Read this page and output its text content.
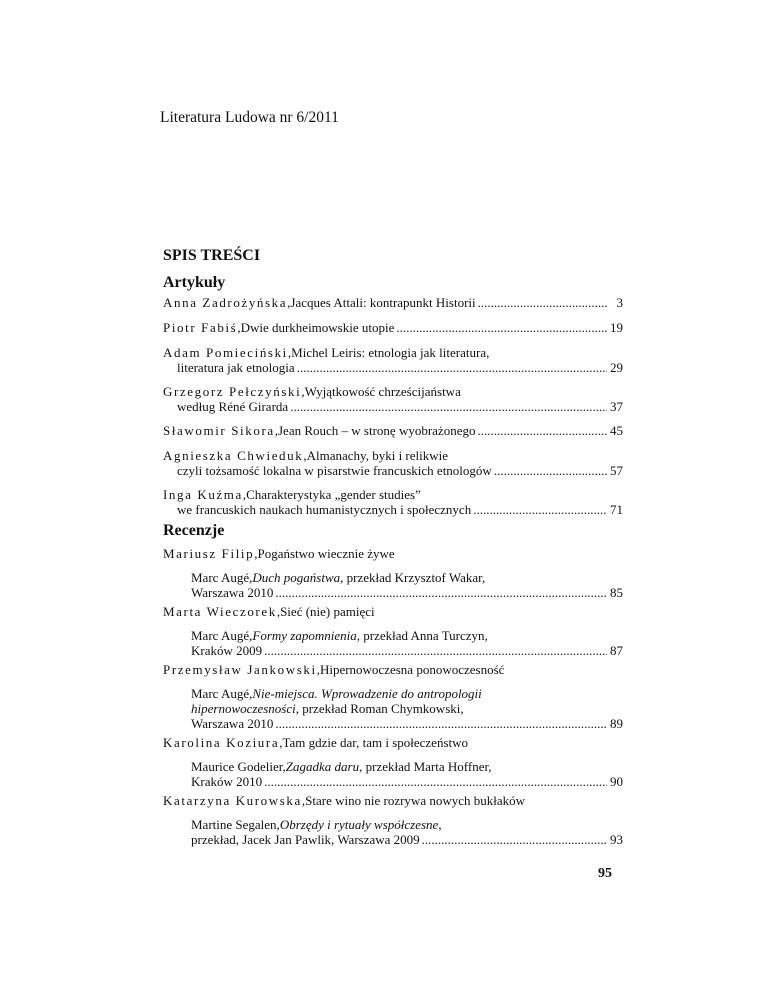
Literatura Ludowa nr 6/2011
SPIS TREŚCI
Artykuły
Anna Zadrożyńska , Jacques Attali: kontrapunkt Historii .....	3
Piotr Fabiś , Dwie durkheimowskie utopie .....	19
Adam Pomieciński , Michel Leiris: etnologia jak literatura,
literatura jak etnologia .....	29
Grzegorz Pełczyński , Wyjątkowość chrześcijaństwa
według Réné Girarda .....	37
Sławomir Sikora , Jean Rouch – w stronę wyobrażonego .....	45
Agnieszka Chwieduk , Almanachy, byki i relikwie
czyli tożsamość lokalna w pisarstwie francuskich etnologów .....	57
Inga Kuźma , Charakterystyka „gender studies”
we francuskich naukach humanistycznych i społecznych .....	71
Recenzje
Mariusz Filip , Pogaństwo wiecznie żywe
Marc Augé, Duch pogaństwa , przekład Krzysztof Wakar,
Warszawa 2010 .....	85
Marta Wieczorek , Sieć (nie) pamięci
Marc Augé, Formy zapomnienia , przekład Anna Turczyn,
Kraków 2009 .....	87
Przemysław Jankowski , Hipernowoczesna ponowoczesność
Marc Augé, Nie-miejsca. Wprowadzenie do antropologii
hipernowoczesności , przekład Roman Chymkowski,
Warszawa 2010 .....	89
Karolina Koziura , Tam gdzie dar, tam i społeczeństwo
Maurice Godelier, Zagadka daru , przekład Marta Hoffner,
Kraków 2010 .....	90
Katarzyna Kurowska , Stare wino nie rozrywa nowych bukłaków
Martine Segalen, Obrzędy i rytuały współczesne ,
przekład, Jacek Jan Pawlik, Warszawa 2009 .....	93
95
